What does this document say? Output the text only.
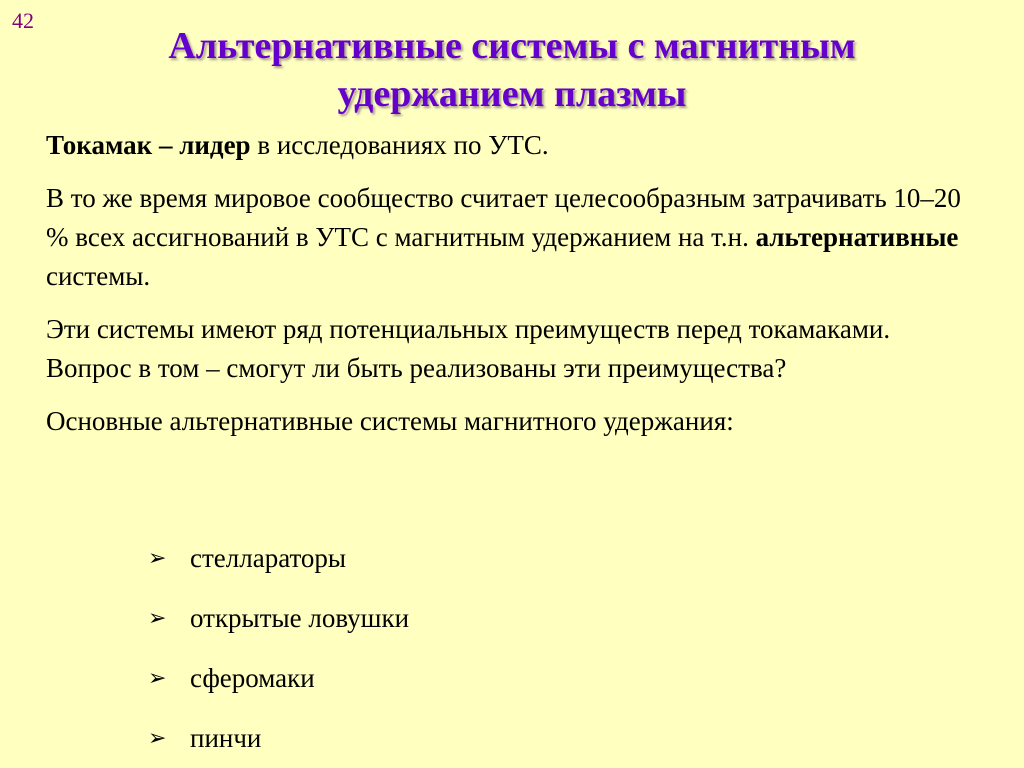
42
Альтернативные системы с магнитным
удержанием плазмы

Токамак – лидер в исследованиях по УТС.

В то же время мировое сообщество считает целесообразным затрачивать 10–20 % всех ассигнований в УТС с магнитным удержанием на т.н. альтернативные системы.

Эти системы имеют ряд потенциальных преимуществ перед токамаками. Вопрос в том – смогут ли быть реализованы эти преимущества?

Основные альтернативные системы магнитного удержания:

➢ стеллараторы
➢ открытые ловушки
➢ сферомаки
➢ пинчи
